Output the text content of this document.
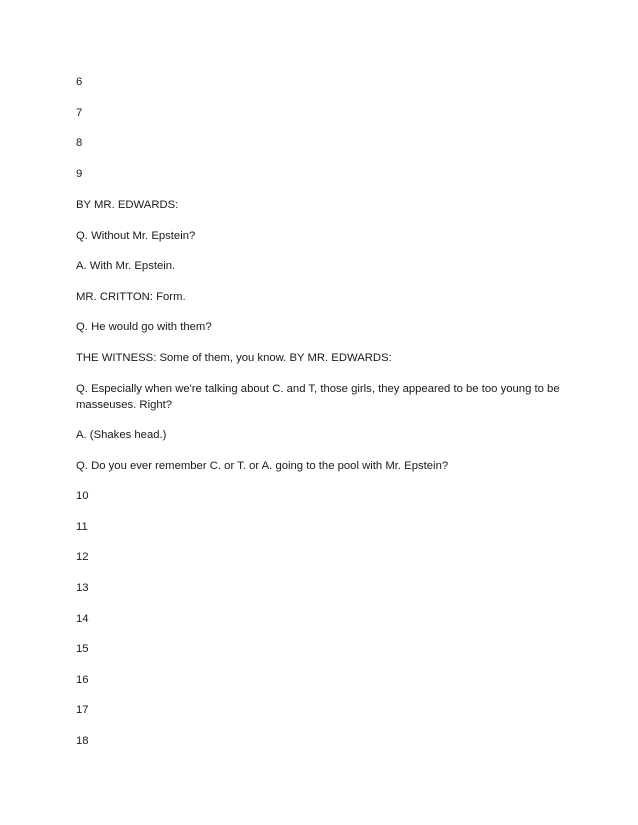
6
7
8
9
BY MR. EDWARDS:
Q. Without Mr. Epstein?
A. With Mr. Epstein.
MR. CRITTON: Form.
Q. He would go with them?
THE WITNESS: Some of them, you know. BY MR. EDWARDS:
Q. Especially when we're talking about C. and T, those girls, they appeared to be too young to be masseuses. Right?
A. (Shakes head.)
Q. Do you ever remember C. or T. or A. going to the pool with Mr. Epstein?
10
11
12
13
14
15
16
17
18
